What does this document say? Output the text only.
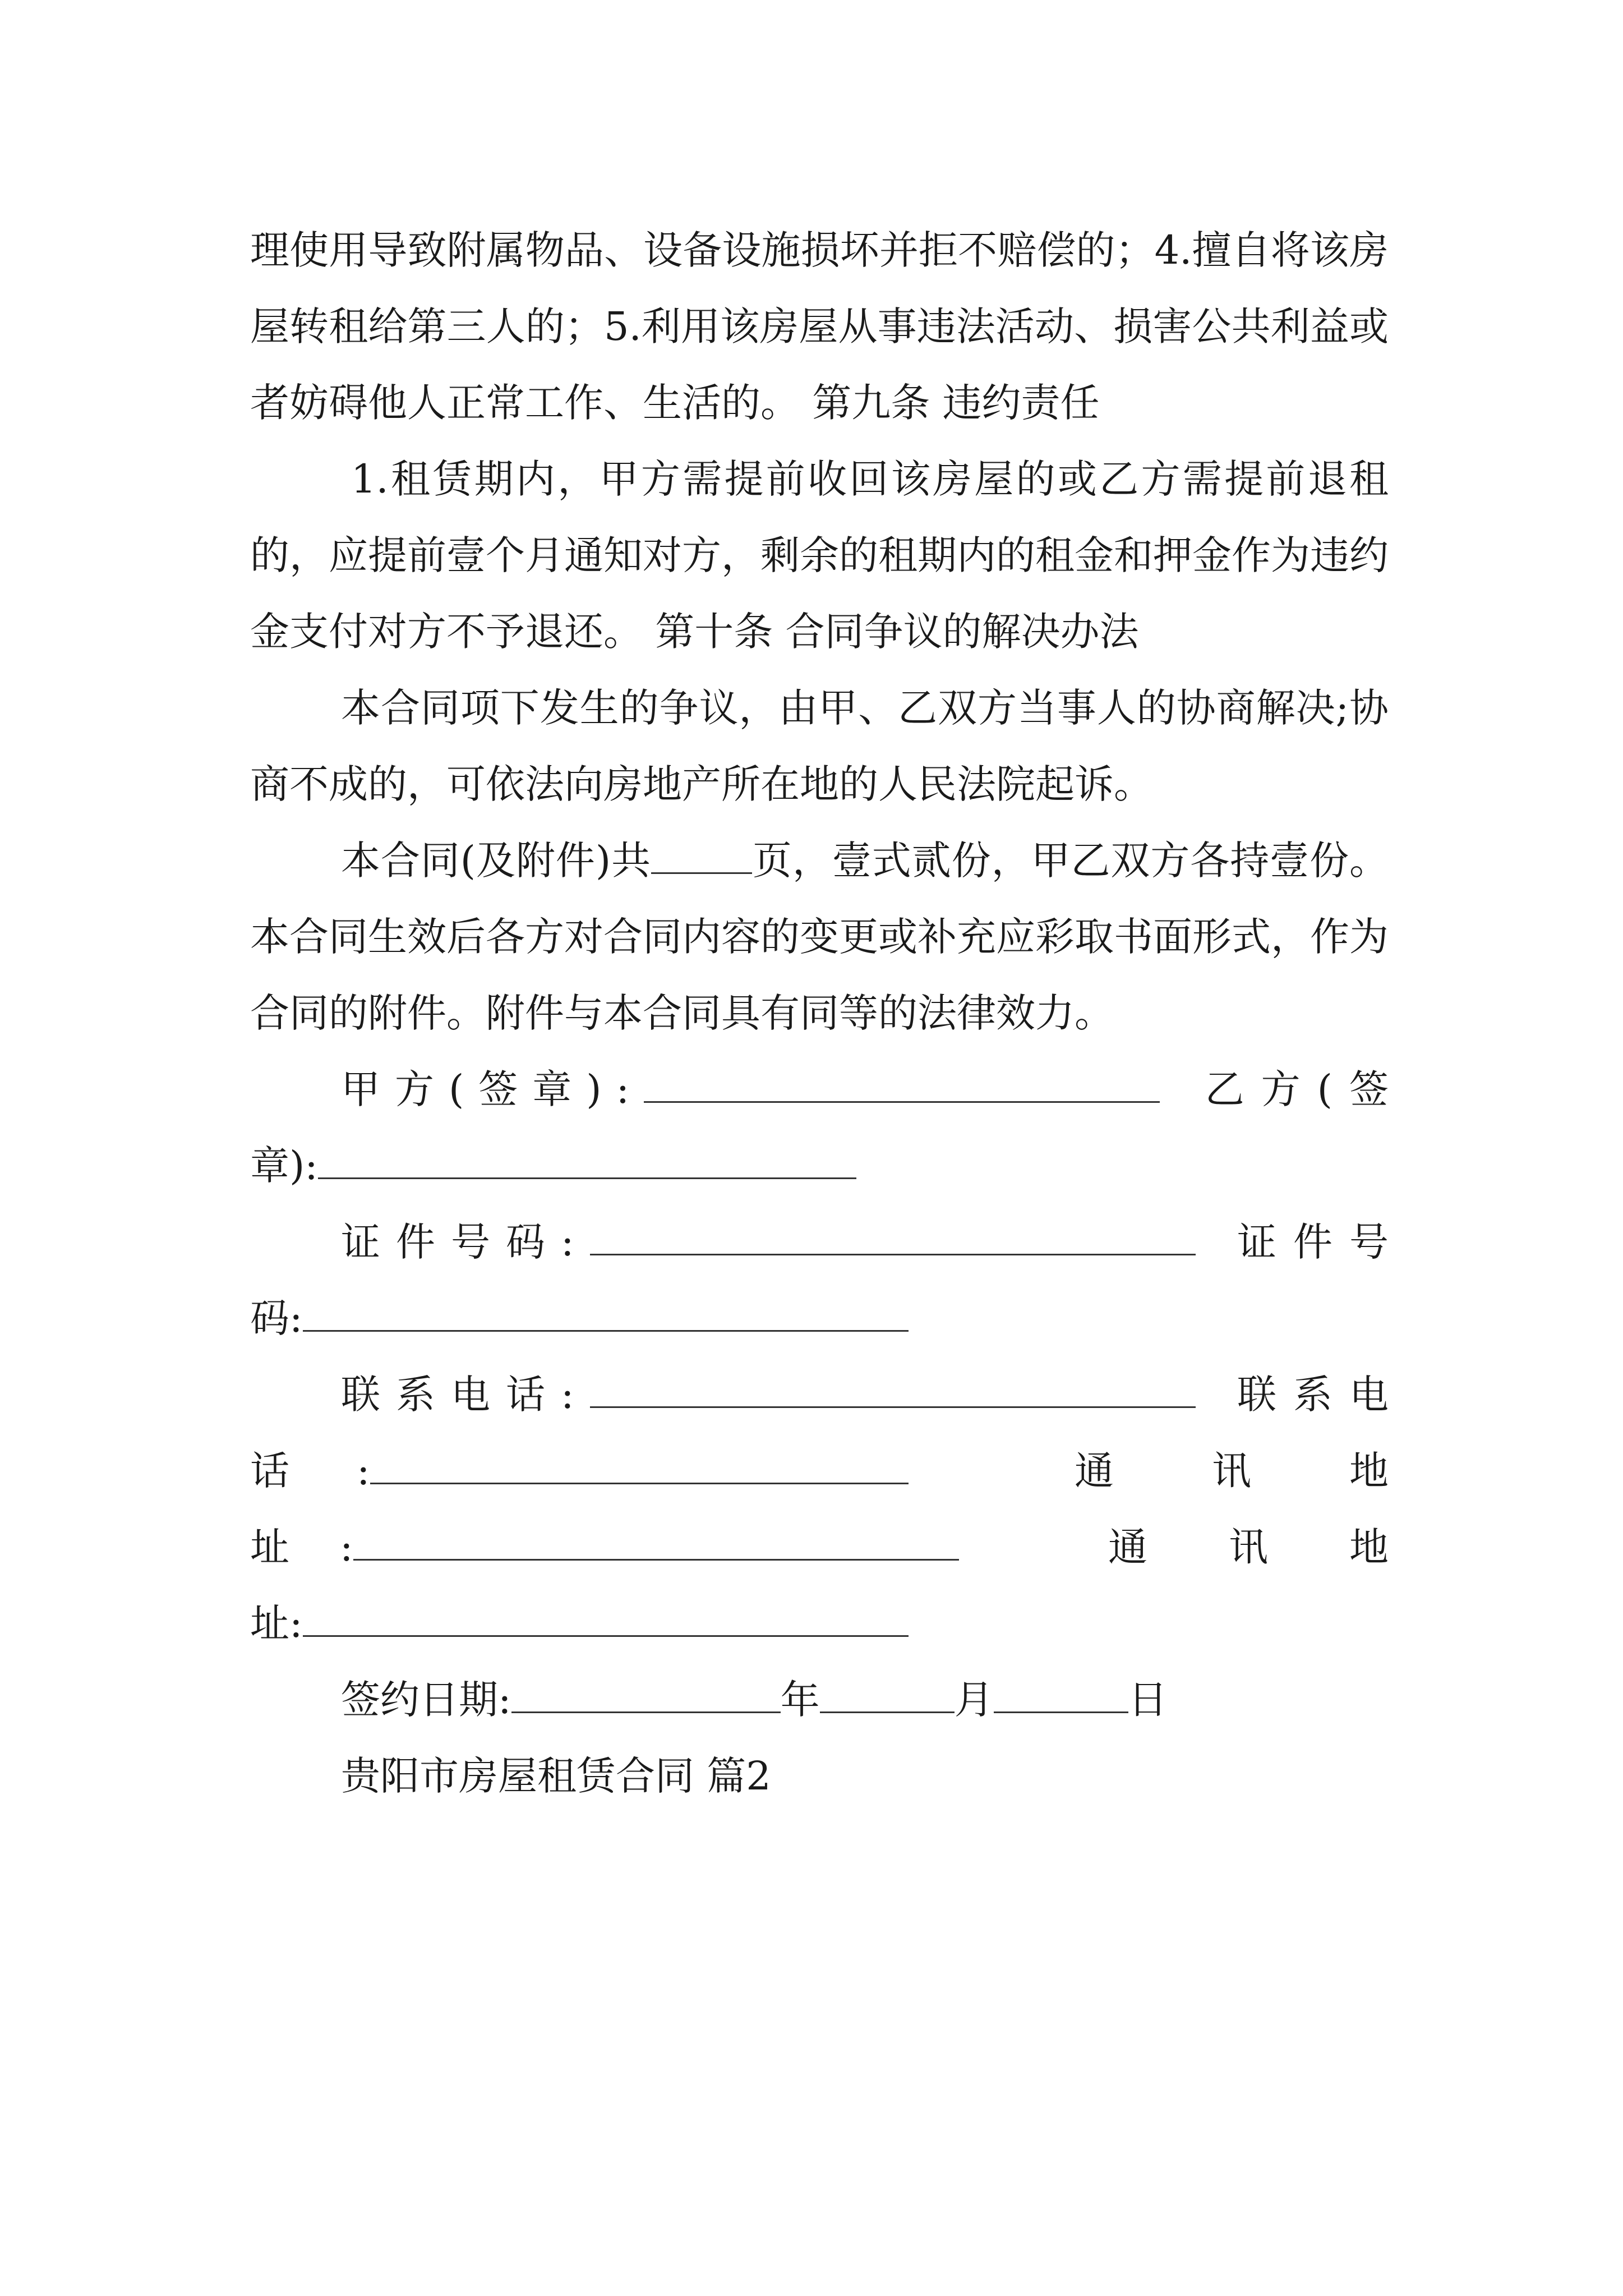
理使用导致附属物品、设备设施损坏并拒不赔偿的；4.擅自将该房屋转租给第三人的；5.利用该房屋从事违法活动、损害公共利益或者妨碍他人正常工作、生活的。 第九条 违约责任

1.租赁期内，甲方需提前收回该房屋的或乙方需提前退租的，应提前壹个月通知对方，剩余的租期内的租金和押金作为违约金支付对方不予退还。 第十条 合同争议的解决办法

本合同项下发生的争议，由甲、乙双方当事人的协商解决;协商不成的，可依法向房地产所在地的人民法院起诉。

本合同(及附件)共	页，壹式贰份，甲乙双方各持壹份。本合同生效后各方对合同内容的变更或补充应彩取书面形式，作为合同的附件。附件与本合同具有同等的法律效力。

甲方(签章):	乙方(签
章):
证件号码:	证件号
码:
联系电话:	联系电
话 :	通	讯	地
址 :	通 讯 地
址:
签约日期:	年	月	日
贵阳市房屋租赁合同 篇2
